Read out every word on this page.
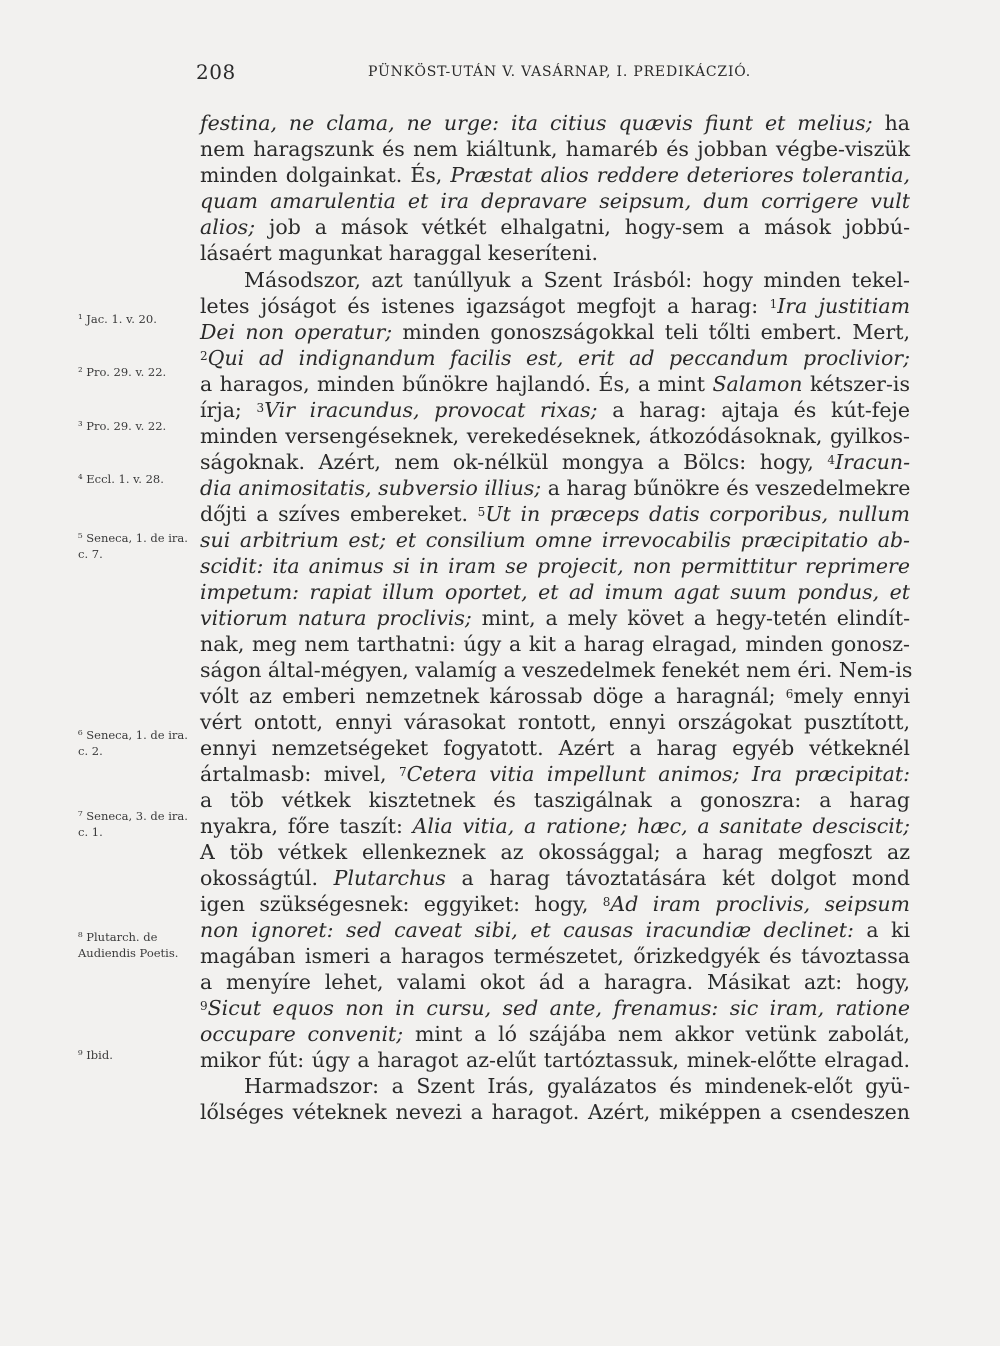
208	PÜNKÖST-UTÁN V. VASÁRNAP, I. PREDIKÁCZIÓ.
festina, ne clama, ne urge: ita citius quævis fiunt et melius; ha
nem haragszunk és nem kiáltunk, hamaréb és jobban végbe-viszük
minden dolgainkat. És, Præstat alios reddere deteriores tolerantia,
quam amarulentia et ira depravare seipsum, dum corrigere vult
alios; job a mások vétkét elhalgatni, hogy-sem a mások jobbú-
lásaért magunkat haraggal keseríteni.
Másodszor, azt tanúllyuk a Szent Irásból: hogy minden tekel-
letes jóságot és istenes igazságot megfojt a harag: $^1$Ira justitiam
Dei non operatur; minden gonoszságokkal teli tőlti embert. Mert,
$^2$Qui ad indignandum facilis est, erit ad peccandum proclivior;
a haragos, minden bűnökre hajlandó. És, a mint Salamon kétszer-is
írja; $^3$Vir iracundus, provocat rixas; a harag: ajtaja és kút-feje
minden versengéseknek, verekedéseknek, átkozódásoknak, gyilkos-
ságoknak. Azért, nem ok-nélkül mongya a Bölcs: hogy, $^4$Iracun-
dia animositatis, subversio illius; a harag bűnökre és veszedelmekre
dőjti a szíves embereket. $^5$Ut in præceps datis corporibus, nullum
sui arbitrium est; et consilium omne irrevocabilis præcipitatio ab-
scidit: ita animus si in iram se projecit, non permittitur reprimere
impetum: rapiat illum oportet, et ad imum agat suum pondus, et
vitiorum natura proclivis; mint, a mely követ a hegy-tetén elindít-
nak, meg nem tarthatni: úgy a kit a harag elragad, minden gonosz-
ságon által-mégyen, valamíg a veszedelmek fenekét nem éri. Nem-is
vólt az emberi nemzetnek károssab döge a haragnál; $^6$mely ennyi
vért ontott, ennyi várasokat rontott, ennyi országokat pusztított,
ennyi nemzetségeket fogyatott. Azért a harag egyéb vétkeknél
ártalmasb: mivel, $^7$Cetera vitia impellunt animos; Ira præcipitat:
a töb vétkek kisztetnek és taszigálnak a gonoszra: a harag
nyakra, főre taszít: Alia vitia, a ratione; hæc, a sanitate desciscit;
A töb vétkek ellenkeznek az okossággal; a harag megfoszt az
okosságtúl. Plutarchus a harag távoztatására két dolgot mond
igen szükségesnek: eggyiket: hogy, $^8$Ad iram proclivis, seipsum
non ignoret: sed caveat sibi, et causas iracundiæ declinet: a ki
magában ismeri a haragos természetet, őrizkedgyék és távoztassa
a menyíre lehet, valami okot ád a haragra. Másikat azt: hogy,
$^9$Sicut equos non in cursu, sed ante, frenamus: sic iram, ratione
occupare convenit; mint a ló szájába nem akkor vetünk zabolát,
mikor fút: úgy a haragot az-elűt tartóztassuk, minek-előtte elragad.
Harmadszor: a Szent Irás, gyalázatos és mindenek-előt gyü-
lőlséges véteknek nevezi a haragot. Azért, miképpen a csendeszen
¹ Jac. 1. v. 20.
² Pro. 29. v. 22.
³ Pro. 29. v. 22.
⁴ Eccl. 1. v. 28.
⁵ Seneca, 1. de ira. c. 7.
⁶ Seneca, 1. de ira. c. 2.
⁷ Seneca, 3. de ira. c. 1.
⁸ Plutarch. de Audiendis Poetis.
⁹ Ibid.
